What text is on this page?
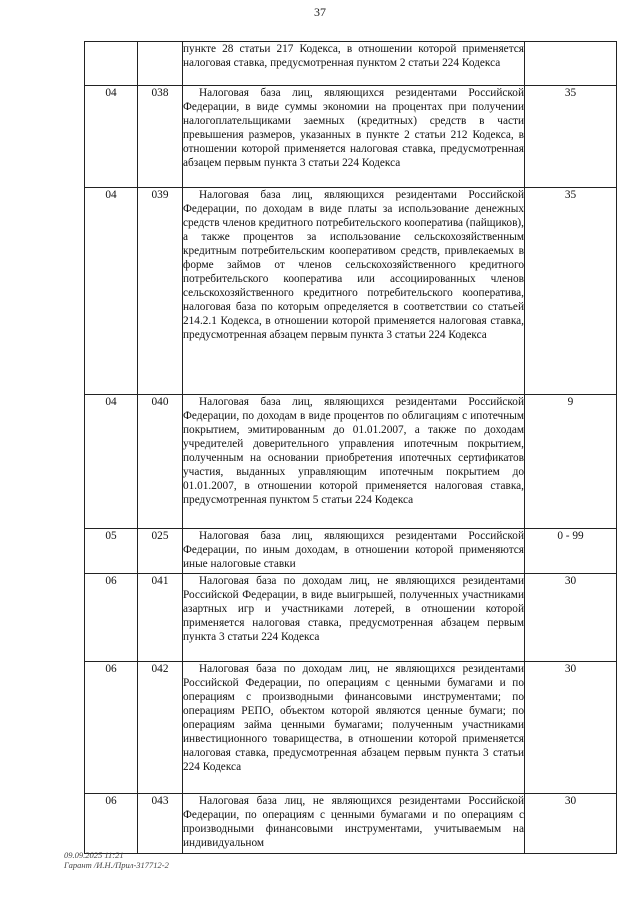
37

		пункте 28 статьи 217 Кодекса, в отношении которой применяется налоговая ставка, предусмотренная пунктом 2 статьи 224 Кодекса	

04	038	Налоговая база лиц, являющихся резидентами Российской Федерации, в виде суммы экономии на процентах при получении налогоплательщиками заемных (кредитных) средств в части превышения размеров, указанных в пункте 2 статьи 212 Кодекса, в отношении которой применяется налоговая ставка, предусмотренная абзацем первым пункта 3 статьи 224 Кодекса	35
04	039	Налоговая база лиц, являющихся резидентами Российской Федерации, по доходам в виде платы за использование денежных средств членов кредитного потребительского кооператива (пайщиков), а также процентов за использование сельскохозяйственным кредитным потребительским кооперативом средств, привлекаемых в форме займов от членов сельскохозяйственного кредитного потребительского кооператива или ассоциированных членов сельскохозяйственного кредитного потребительского кооператива, налоговая база по которым определяется в соответствии со статьей 214.2.1 Кодекса, в отношении которой применяется налоговая ставка, предусмотренная абзацем первым пункта 3 статьи 224 Кодекса	35
04	040	Налоговая база лиц, являющихся резидентами Российской Федерации, по доходам в виде процентов по облигациям с ипотечным покрытием, эмитированным до 01.01.2007, а также по доходам учредителей доверительного управления ипотечным покрытием, полученным на основании приобретения ипотечных сертификатов участия, выданных управляющим ипотечным покрытием до 01.01.2007, в отношении которой применяется налоговая ставка, предусмотренная пунктом 5 статьи 224 Кодекса	9
05	025	Налоговая база лиц, являющихся резидентами Российской Федерации, по иным доходам, в отношении которой применяются иные налоговые ставки	0 - 99
06	041	Налоговая база по доходам лиц, не являющихся резидентами Российской Федерации, в виде выигрышей, полученных участниками азартных игр и участниками лотерей, в отношении которой применяется налоговая ставка, предусмотренная абзацем первым пункта 3 статьи 224 Кодекса	30
06	042	Налоговая база по доходам лиц, не являющихся резидентами Российской Федерации, по операциям с ценными бумагами и по операциям с производными финансовыми инструментами; по операциям РЕПО, объектом которой являются ценные бумаги; по операциям займа ценными бумагами; полученным участниками инвестиционного товарищества, в отношении которой применяется налоговая ставка, предусмотренная абзацем первым пункта 3 статьи 224 Кодекса	30
06	043	Налоговая база лиц, не являющихся резидентами Российской Федерации, по операциям с ценными бумагами и по операциям с производными финансовыми инструментами, учитываемым на индивидуальном	30
09.09.2025 11:21
Гарант /И.Н./Прил-317712-2
